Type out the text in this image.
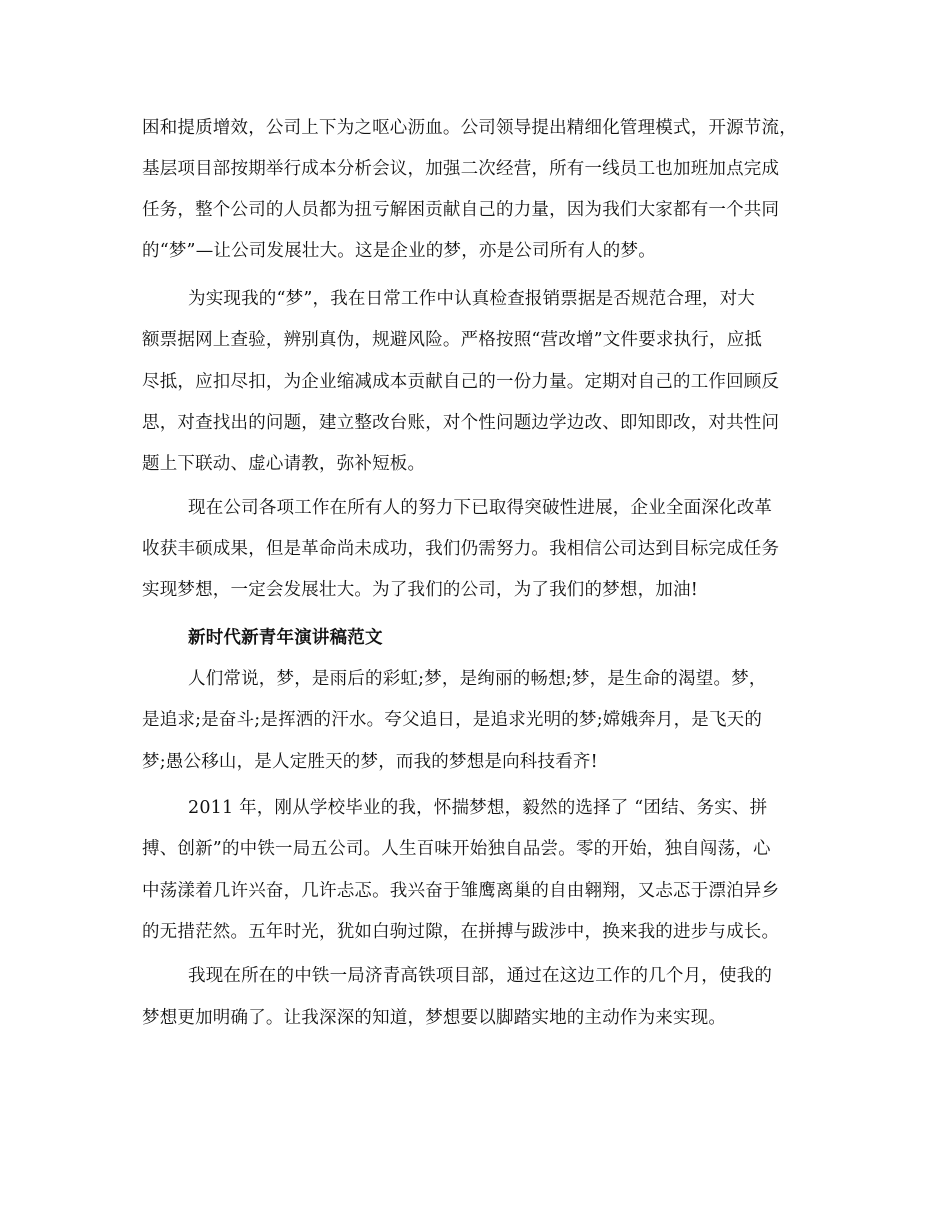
困和提质增效，公司上下为之呕心沥血。公司领导提出精细化管理模式，开源节流，
基层项目部按期举行成本分析会议，加强二次经营，所有一线员工也加班加点完成
任务，整个公司的人员都为扭亏解困贡献自己的力量，因为我们大家都有一个共同
的“梦”—让公司发展壮大。这是企业的梦，亦是公司所有人的梦。
为实现我的“梦”，我在日常工作中认真检查报销票据是否规范合理，对大
额票据网上查验，辨别真伪，规避风险。严格按照“营改增”文件要求执行，应抵
尽抵，应扣尽扣，为企业缩减成本贡献自己的一份力量。定期对自己的工作回顾反
思，对查找出的问题，建立整改台账，对个性问题边学边改、即知即改，对共性问
题上下联动、虚心请教，弥补短板。
现在公司各项工作在所有人的努力下已取得突破性进展，企业全面深化改革
收获丰硕成果，但是革命尚未成功，我们仍需努力。我相信公司达到目标完成任务
实现梦想，一定会发展壮大。为了我们的公司，为了我们的梦想，加油!
新时代新青年演讲稿范文
人们常说，梦，是雨后的彩虹;梦，是绚丽的畅想;梦，是生命的渴望。梦，
是追求;是奋斗;是挥洒的汗水。夸父追日，是追求光明的梦;嫦娥奔月，是飞天的
梦;愚公移山，是人定胜天的梦，而我的梦想是向科技看齐!
2011 年，刚从学校毕业的我，怀揣梦想，毅然的选择了 “团结、务实、拼
搏、创新”的中铁一局五公司。人生百味开始独自品尝。零的开始，独自闯荡，心
中荡漾着几许兴奋，几许忐忑。我兴奋于雏鹰离巢的自由翱翔，又忐忑于漂泊异乡
的无措茫然。五年时光，犹如白驹过隙，在拼搏与跋涉中，换来我的进步与成长。
我现在所在的中铁一局济青高铁项目部，通过在这边工作的几个月，使我的
梦想更加明确了。让我深深的知道，梦想要以脚踏实地的主动作为来实现。
